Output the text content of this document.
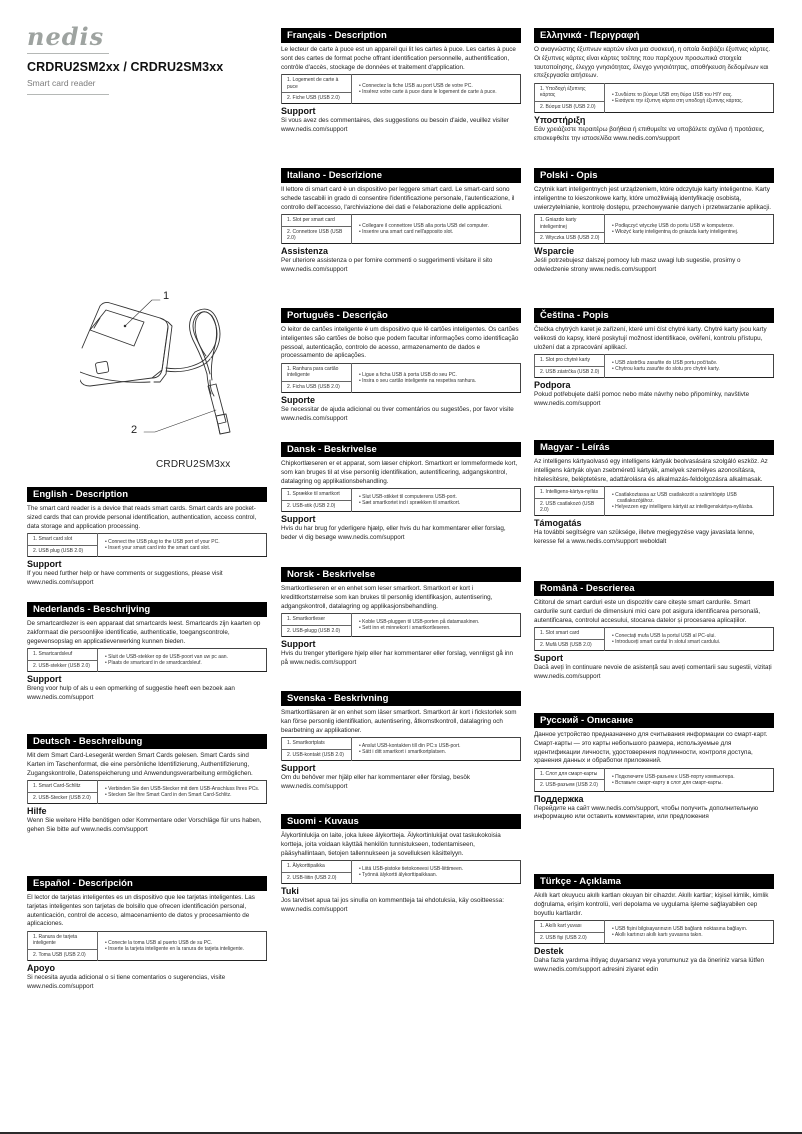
nedis
CRDRU2SM2xx / CRDRU2SM3xx
Smart card reader
1
2
CRDRU2SM3xx
English - Description
The smart card reader is a device that reads smart cards. Smart cards are pocket-sized cards that can provide personal identification, authentication, access control, data storage and application processing.
1. Smart card slot	• Connect the USB plug to the USB port of your PC.
• Insert your smart card into the smart card slot.

2. USB plug (USB 2.0)
Support
If you need further help or have comments or suggestions, please visit www.nedis.com/support
Nederlands - Beschrijving
De smartcardlezer is een apparaat dat smartcards leest. Smartcards zijn kaarten op zakformaat die persoonlijke identificatie, authenticatie, toegangscontrole, gegevensopslag en applicatieverwerking kunnen bieden.
1. Smartcardsleuf	• Sluit de USB-stekker op de USB-poort van uw pc aan.
• Plaats de smartcard in de smardcardsleuf.

2. USB-stekker (USB 2.0)
Support
Breng voor hulp of als u een opmerking of suggestie heeft een bezoek aan www.nedis.com/support
Deutsch - Beschreibung
Mit dem Smart Card-Lesegerät werden Smart Cards gelesen. Smart Cards sind Karten im Taschenformat, die eine persönliche Identifizierung, Authentifizierung, Zugangskontrolle, Datenspeicherung und Anwendungsverarbeitung ermöglichen.
1. Smart Card-Schlitz	• Verbinden Sie den USB-Stecker mit dem USB-Anschluss Ihres PCs.
• Stecken Sie Ihre Smart Card in den Smart Card-Schlitz.

2. USB-Stecker (USB 2.0)
Hilfe
Wenn Sie weitere Hilfe benötigen oder Kommentare oder Vorschläge für uns haben, gehen Sie bitte auf www.nedis.com/support
Español - Descripción
El lector de tarjetas inteligentes es un dispositivo que lee tarjetas inteligentes. Las tarjetas inteligentes son tarjetas de bolsillo que ofrecen identificación personal, autenticación, control de acceso, almacenamiento de datos y procesamiento de aplicaciones.
1. Ranura de tarjeta inteligente	• Conecte la toma USB al puerto USB de su PC.
• Inserte la tarjeta inteligente en la ranura de tarjeta inteligente.

2. Toma USB (USB 2.0)
Apoyo
Si necesita ayuda adicional o si tiene comentarios o sugerencias, visite www.nedis.com/support
Français - Description
Le lecteur de carte à puce est un appareil qui lit les cartes à puce. Les cartes à puce sont des cartes de format poche offrant identification personnelle, authentification, contrôle d'accès, stockage de données et traitement d'application.
1. Logement de carte à puce	• Connectez la fiche USB au port USB de votre PC.
• Insérez votre carte à puce dans le logement de carte à puce.

2. Fiche USB (USB 2.0)
Support
Si vous avez des commentaires, des suggestions ou besoin d'aide, veuillez visiter www.nedis.com/support
Italiano - Descrizione
Il lettore di smart card è un dispositivo per leggere smart card. Le smart-card sono schede tascabili in grado di consentire l'identificazione personale, l'autenticazione, il controllo dell'accesso, l'archiviazione dei dati e l'elaborazione delle applicazioni.
1. Slot per smart card	
• Collegare il connettore USB alla porta USB del computer.
• Inserire una smart card nell'apposito slot.

2. Connettore USB (USB 2.0)
Assistenza
Per ulteriore assistenza o per fornire commenti o suggerimenti visitare il sito www.nedis.com/support
Português - Descrição
O leitor de cartões inteligente é um dispositivo que lê cartões inteligentes. Os cartões inteligentes são cartões de bolso que podem facultar informações como identificação pessoal, autenticação, controlo de acesso, armazenamento de dados e processamento de aplicações.
1. Ranhura para cartão inteligente	• Ligue a ficha USB à porta USB do seu PC.
• Insira o seu cartão inteligente na respetiva ranhura.

2. Ficha USB (USB 2.0)
Suporte
Se necessitar de ajuda adicional ou tiver comentários ou sugestões, por favor visite www.nedis.com/support
Dansk - Beskrivelse
Chipkortlæseren er et apparat, som læser chipkort. Smartkort er lommeformede kort, som kan bruges til at vise personlig identifikation, autentificering, adgangskontrol, datalagring og applikationsbehandling.
1. Sprække til smartkort	• Slut USB-stikket til computerens USB-port.
• Sæt smartkortet ind i sprækken til smartkort.

2. USB-stik (USB 2.0)
Support
Hvis du har brug for yderligere hjælp, eller hvis du har kommentarer eller forslag, beder vi dig besøge www.nedis.com/support
Norsk - Beskrivelse
Smartkortleseren er en enhet som leser smartkort. Smartkort er kort i kredittkortstørrelse som kan brukes til personlig identifikasjon, autentisering, adgangskontroll, datalagring og applikasjonsbehandling.
1. Smartkortleser	• Koble USB-pluggen til USB-porten på datamaskinen.
• Sett inn et minnekort i smartkortleseren.

2. USB-plugg (USB 2.0)
Support
Hvis du trenger ytterligere hjelp eller har kommentarer eller forslag, vennligst gå inn på www.nedis.com/support
Svenska - Beskrivning
Smartkortläsaren är en enhet som läser smartkort. Smartkort är kort i fickstorlek som kan förse personlig identifikation, autentisering, åtkomstkontroll, datalagring och bearbetning av applikationer.
1. Smartkortplats	• Anslut USB-kontakten till din PC:s USB-port.
• Sätt i ditt smartkort i smartkortplatsen.

2. USB-kontakt (USB 2.0)
Support
Om du behöver mer hjälp eller har kommentarer eller förslag, besök www.nedis.com/support
Suomi - Kuvaus
Älykortinlukija on laite, joka lukee älykortteja. Älykortinlukijat ovat taskukokoisia kortteja, joita voidaan käyttää henkilön tunnistukseen, todentamiseen, pääsyhallintaan, tietojen tallennukseen ja sovelluksen käsittelyyn.
1. Älykorttipaikka	• Liitä USB-pistoke tietokoneesi USB-liittimeen.
• Työnnä älykortti älykorttipaikkaan.

2. USB-liitin (USB 2.0)
Tuki
Jos tarvitset apua tai jos sinulla on kommentteja tai ehdotuksia, käy osoitteessa: www.nedis.com/support
Ελληνικά - Περιγραφή
Ο αναγνώστης έξυπνων καρτών είναι μια συσκευή, η οποία διαβάζει έξυπνες κάρτες. Οι έξυπνες κάρτες είναι κάρτες τσέπης που παρέχουν προσωπικά στοιχεία ταυτοποίησης, έλεγχο γνησιότητας, έλεγχο γνησιότητας, αποθήκευση δεδομένων και επεξεργασία αιτήσεων.
1. Υποδοχή έξυπνης κάρτας	• Συνδέστε το βύσμα USB στη θύρα USB του Η/Υ σας.
• Εισάγετε την έξυπνη κάρτα στη υποδοχή έξυπνης κάρτας.

2. Βύσμα USB (USB 2.0)
Υποστήριξη
Εάν χρειάζεστε περαιτέρω βοήθεια ή επιθυμείτε να υποβάλετε σχόλια ή προτάσεις, επισκεφθείτε την ιστοσελίδα www.nedis.com/support
Polski - Opis
Czytnik kart inteligentnych jest urządzeniem, które odczytuje karty inteligentne. Karty inteligentne to kieszonkowe karty, które umożliwiają identyfikację osobistą, uwierzytelnianie, kontrolę dostępu, przechowywanie danych i przetwarzanie aplikacji.
1. Gniazdo karty inteligentnej	• Podłączyć wtyczkę USB do portu USB w komputerze.
• Włożyć kartę inteligentną do gniazda karty inteligentnej.

2. Wtyczka USB (USB 2.0)
Wsparcie
Jeśli potrzebujesz dalszej pomocy lub masz uwagi lub sugestie, prosimy o odwiedzenie strony www.nedis.com/support
Čeština - Popis
Čtečka chytrých karet je zařízení, které umí číst chytré karty. Chytré karty jsou karty velikosti do kapsy, které poskytují možnost identifikace, ověření, kontrolu přístupu, uložení dat a zpracování aplikací.
1. Slot pro chytré karty	• USB zástrčku zasuňte do USB portu počítače.
• Chytrou kartu zasuňte do slotu pro chytré karty.

2. USB zástrčka (USB 2.0)
Podpora
Pokud potřebujete další pomoc nebo máte návrhy nebo připomínky, navštivte www.nedis.com/support
Magyar - Leírás
Az intelligens kártyaolvasó egy intelligens kártyák beolvasására szolgáló eszköz. Az intelligens kártyák olyan zsebméretű kártyák, amelyek személyes azonosításra, hitelesítésre, beléptetésre, adattárolásra és alkalmazás-feldolgozásra alkalmasak.
1. Intelligens-kártya-nyílás	• Csatlakoztassa az USB csatlakozót a számítógép USB csatlakozójához.
• Helyezzen egy intelligens kártyát az intelligenskártya-nyílásba.

2. USB csatlakozó (USB 2.0)
Támogatás
Ha további segítségre van szüksége, illetve megjegyzése vagy javaslata lenne, keresse fel a www.nedis.com/support weboldalt
Română - Descrierea
Cititorul de smart carduri este un dispozitiv care citește smart cardurile. Smart cardurile sunt carduri de dimensiuni mici care pot asigura identificarea personală, autentificarea, controlul accesului, stocarea datelor și procesarea aplicațiilor.
1. Slot smart card	• Conectați mufa USB la portul USB al PC-ului.
• Introduceți smart cardul în slotul smart cardului.

2. Mufă USB (USB 2.0)
Suport
Dacă aveți în continuare nevoie de asistență sau aveți comentarii sau sugestii, vizitați www.nedis.com/support
Русский - Описание
Данное устройство предназначено для считывания информации со смарт-карт. Смарт-карты — это карты небольшого размера, используемые для идентификации личности, удостоверения подлинности, контроля доступа, хранения данных и обработки приложений.
1. Слот для смарт-карты	• Подключите USB-разъем к USB-порту компьютера.
• Вставьте смарт-карту в слот для смарт-карты.

2. USB-разъем (USB 2.0)
Поддержка
Перейдите на сайт www.nedis.com/support, чтобы получить дополнительную информацию или оставить комментарии, или предложения
Türkçe - Açıklama
Akıllı kart okuyucu akıllı kartları okuyan bir cihazdır. Akıllı kartlar; kişisel kimlik, kimlik doğrulama, erişim kontrolü, veri depolama ve uygulama işleme sağlayabilen cep boyutlu kartlardır.
1. Akıllı kart yuvası	• USB fişini bilgisayarınızın USB bağlantı noktasına bağlayın.
• Akıllı kartınızı akıllı kartı yuvasına takın.

2. USB fişi (USB 2.0)
Destek
Daha fazla yardıma ihtiyaç duyarsanız veya yorumunuz ya da öneriniz varsa lütfen www.nedis.com/support adresini ziyaret edin
